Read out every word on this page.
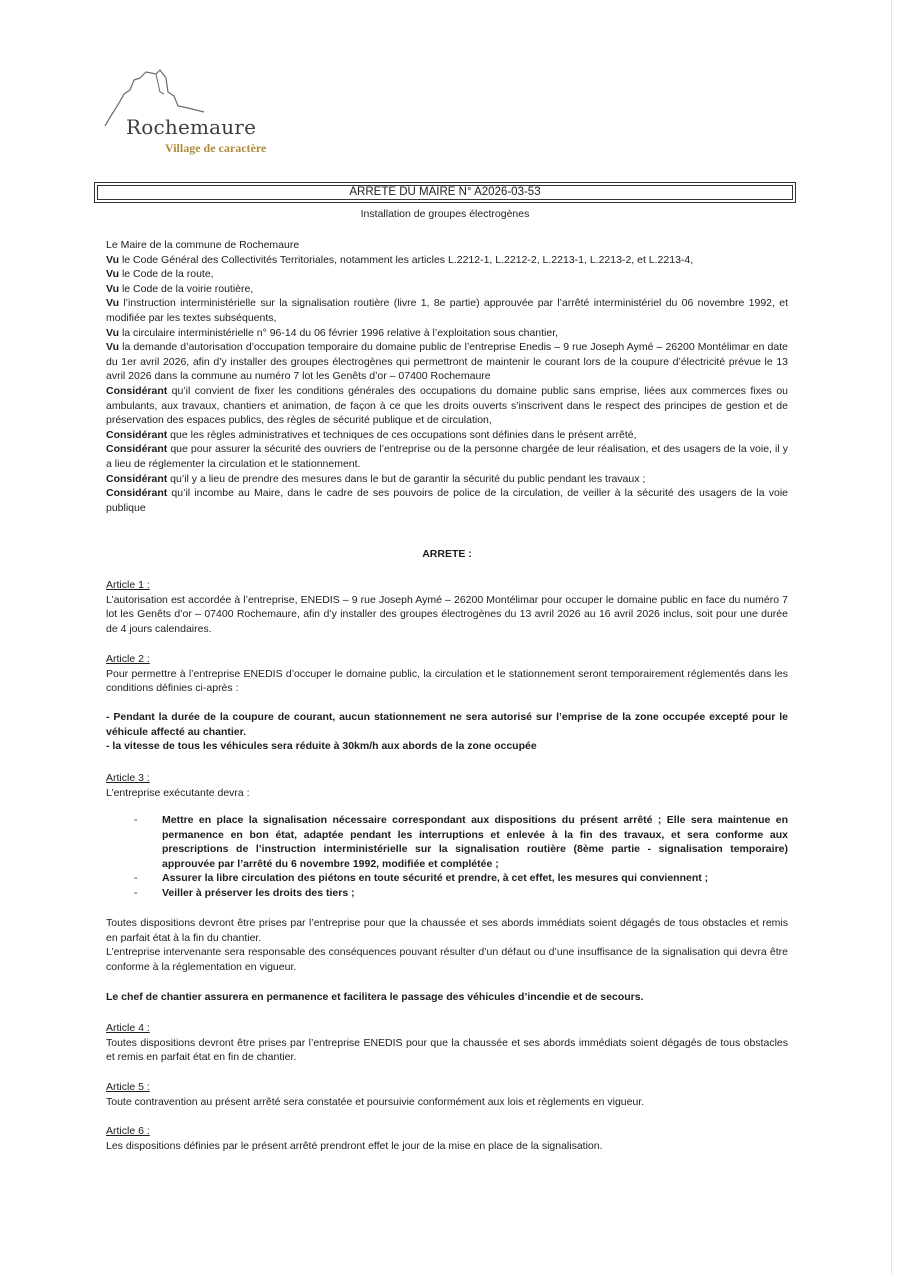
Rochemaure
Village de caractère
ARRETE DU MAIRE N° A2026-03-53
Installation de groupes électrogènes

Le Maire de la commune de Rochemaure

Vu le Code Général des Collectivités Territoriales, notamment les articles L.2212-1, L.2212-2, L.2213-1, L.2213-2, et L.2213-4,

Vu le Code de la route,

Vu le Code de la voirie routière,

Vu l’instruction interministérielle sur la signalisation routière (livre 1, 8e partie) approuvée par l’arrêté interministériel du 06 novembre 1992, et modifiée par les textes subséquents,

Vu la circulaire interministérielle n° 96-14 du 06 février 1996 relative à l’exploitation sous chantier,

Vu la demande d’autorisation d’occupation temporaire du domaine public de l’entreprise Enedis – 9 rue Joseph Aymé – 26200 Montélimar en date du 1er avril 2026, afin d’y installer des groupes électrogènes qui permettront de maintenir le courant lors de la coupure d’électricité prévue le 13 avril 2026 dans la commune au numéro 7 lot les Genêts d’or – 07400 Rochemaure

Considérant qu’il convient de fixer les conditions générales des occupations du domaine public sans emprise, liées aux commerces fixes ou ambulants, aux travaux, chantiers et animation, de façon à ce que les droits ouverts s’inscrivent dans le respect des principes de gestion et de préservation des espaces publics, des règles de sécurité publique et de circulation,

Considérant que les règles administratives et techniques de ces occupations sont définies dans le présent arrêté,

Considérant que pour assurer la sécurité des ouvriers de l’entreprise ou de la personne chargée de leur réalisation, et des usagers de la voie, il y a lieu de réglementer la circulation et le stationnement.

Considérant qu’il y a lieu de prendre des mesures dans le but de garantir la sécurité du public pendant les travaux ;

Considérant qu’il incombe au Maire, dans le cadre de ses pouvoirs de police de la circulation, de veiller à la sécurité des usagers de la voie publique

ARRETE :

Article 1 :

L’autorisation est accordée à l’entreprise, ENEDIS – 9 rue Joseph Aymé – 26200 Montélimar pour occuper le domaine public en face du numéro 7 lot les Genêts d’or – 07400 Rochemaure, afin d’y installer des groupes électrogènes du 13 avril 2026 au 16 avril 2026 inclus, soit pour une durée de 4 jours calendaires.

Article 2 :

Pour permettre à l’entreprise ENEDIS d’occuper le domaine public, la circulation et le stationnement seront temporairement réglementés dans les conditions définies ci-après :

- Pendant la durée de la coupure de courant, aucun stationnement ne sera autorisé sur l’emprise de la zone occupée excepté pour le véhicule affecté au chantier.

- la vitesse de tous les véhicules sera réduite à 30km/h aux abords de la zone occupée

Article 3 :

L’entreprise exécutante devra :

- Mettre en place la signalisation nécessaire correspondant aux dispositions du présent arrêté ; Elle sera maintenue en permanence en bon état, adaptée pendant les interruptions et enlevée à la fin des travaux, et sera conforme aux prescriptions de l’instruction interministérielle sur la signalisation routière (8ème partie - signalisation temporaire) approuvée par l’arrêté du 6 novembre 1992, modifiée et complétée ;
- Assurer la libre circulation des piétons en toute sécurité et prendre, à cet effet, les mesures qui conviennent ;
- Veiller à préserver les droits des tiers ;

Toutes dispositions devront être prises par l’entreprise pour que la chaussée et ses abords immédiats soient dégagés de tous obstacles et remis en parfait état à la fin du chantier.

L’entreprise intervenante sera responsable des conséquences pouvant résulter d’un défaut ou d’une insuffisance de la signalisation qui devra être conforme à la réglementation en vigueur.

Le chef de chantier assurera en permanence et facilitera le passage des véhicules d’incendie et de secours.

Article 4 :

Toutes dispositions devront être prises par l’entreprise ENEDIS pour que la chaussée et ses abords immédiats soient dégagés de tous obstacles et remis en parfait état en fin de chantier.

Article 5 :

Toute contravention au présent arrêté sera constatée et poursuivie conformément aux lois et règlements en vigueur.

Article 6 :

Les dispositions définies par le présent arrêté prendront effet le jour de la mise en place de la signalisation.
